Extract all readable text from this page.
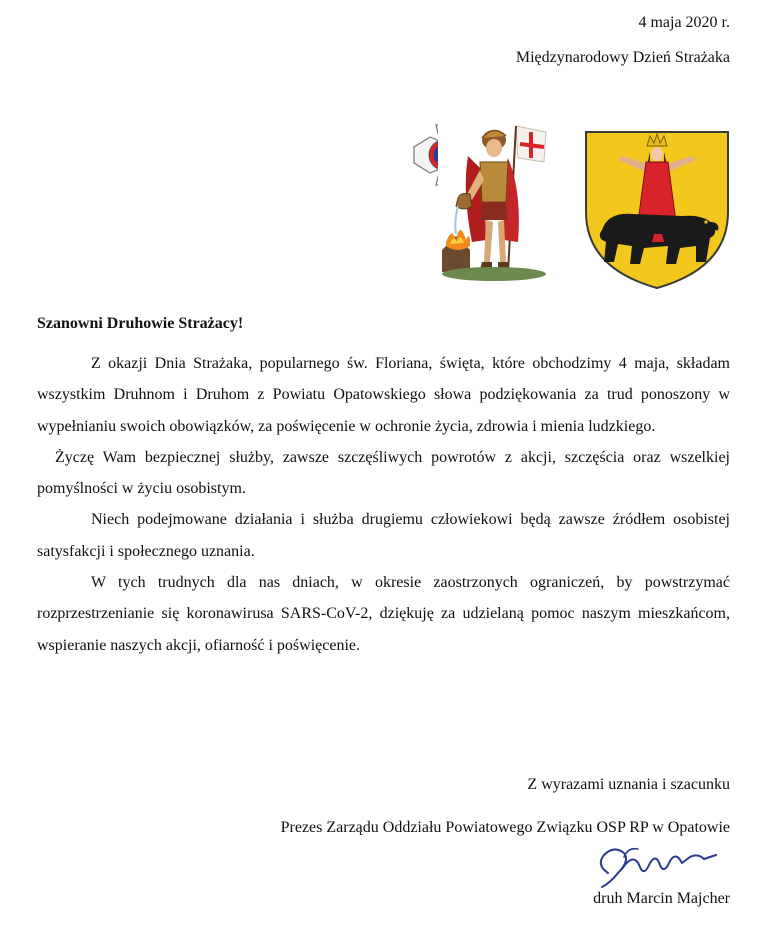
4 maja 2020 r.
Międzynarodowy Dzień Strażaka
Szanowni Druhowie Strażacy!

Z okazji Dnia Strażaka, popularnego św. Floriana, święta, które obchodzimy 4 maja, składam wszystkim Druhnom i Druhom z Powiatu Opatowskiego słowa podziękowania za trud ponoszony w wypełnianiu swoich obowiązków, za poświęcenie w ochronie życia, zdrowia i mienia ludzkiego.

Życzę Wam bezpiecznej służby, zawsze szczęśliwych powrotów z akcji, szczęścia oraz wszelkiej pomyślności w życiu osobistym.

Niech podejmowane działania i służba drugiemu człowiekowi będą zawsze źródłem osobistej satysfakcji i społecznego uznania.

W tych trudnych dla nas dniach, w okresie zaostrzonych ograniczeń, by powstrzymać rozprzestrzenianie się koronawirusa SARS-CoV-2, dziękuję za udzielaną pomoc naszym mieszkańcom, wspieranie naszych akcji, ofiarność i poświęcenie.

Z wyrazami uznania i szacunku
Prezes Zarządu Oddziału Powiatowego Związku OSP RP w Opatowie
druh Marcin Majcher
